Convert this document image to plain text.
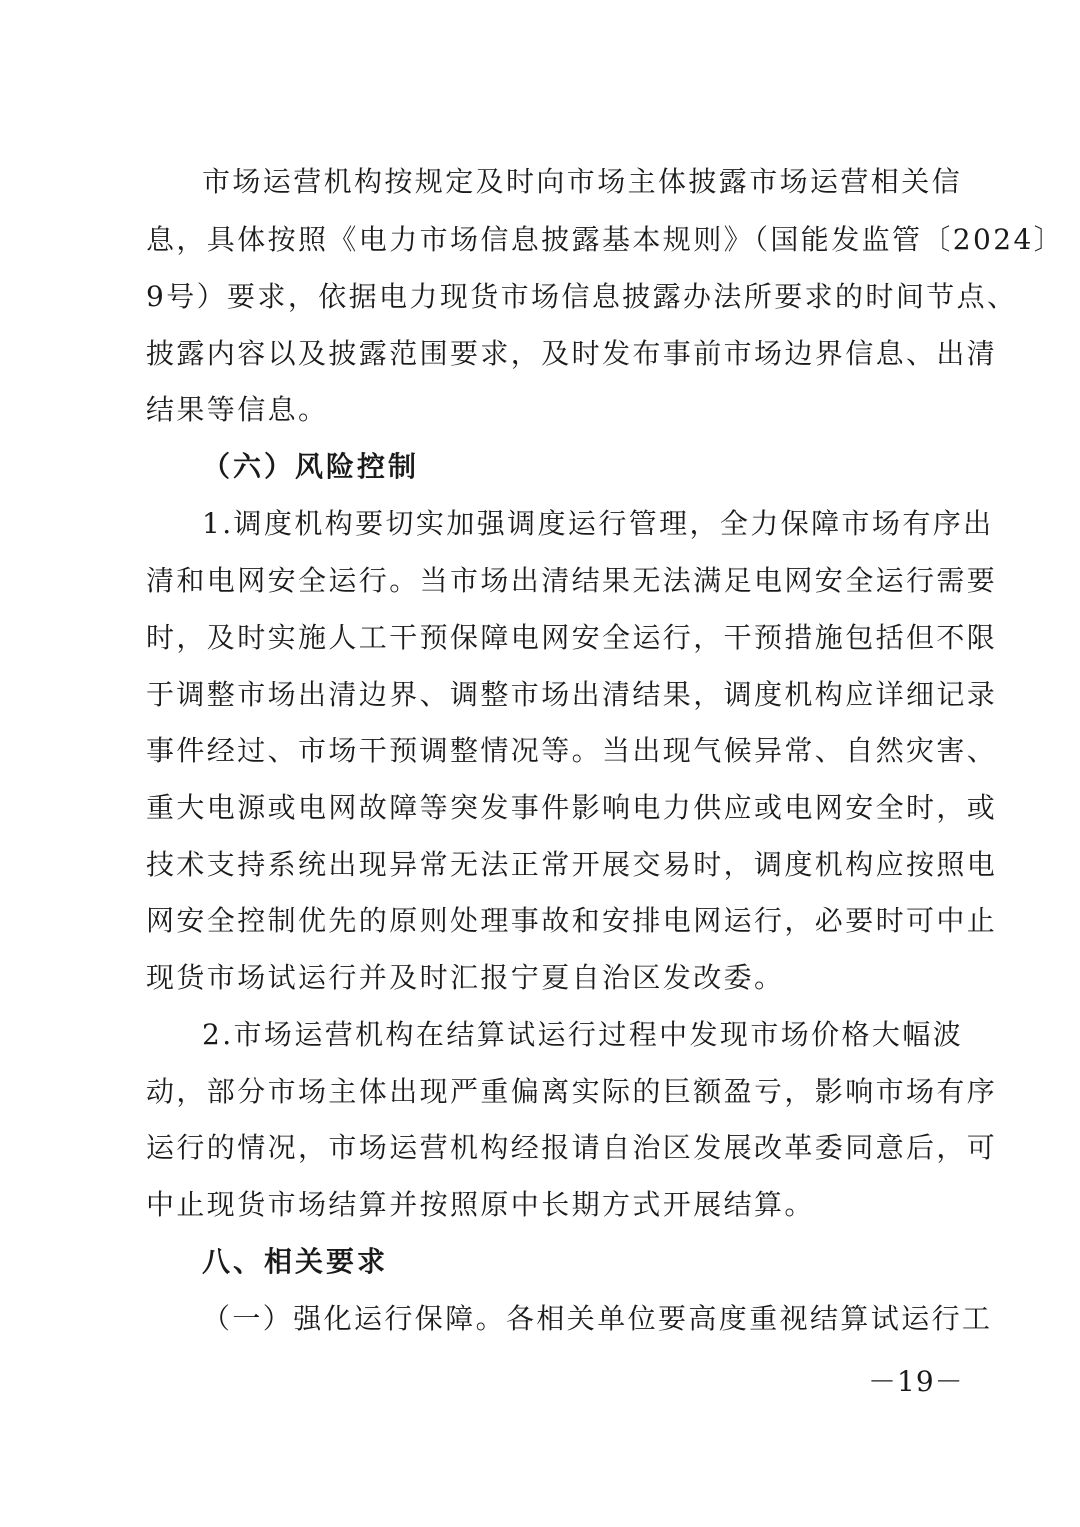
市场运营机构按规定及时向市场主体披露市场运营相关信
息，具体按照《电力市场信息披露基本规则》（国能发监管〔2024〕
9号）要求，依据电力现货市场信息披露办法所要求的时间节点、
披露内容以及披露范围要求，及时发布事前市场边界信息、出清
结果等信息。
（六）风险控制
1.调度机构要切实加强调度运行管理，全力保障市场有序出
清和电网安全运行。当市场出清结果无法满足电网安全运行需要
时，及时实施人工干预保障电网安全运行，干预措施包括但不限
于调整市场出清边界、调整市场出清结果，调度机构应详细记录
事件经过、市场干预调整情况等。当出现气候异常、自然灾害、
重大电源或电网故障等突发事件影响电力供应或电网安全时，或
技术支持系统出现异常无法正常开展交易时，调度机构应按照电
网安全控制优先的原则处理事故和安排电网运行，必要时可中止
现货市场试运行并及时汇报宁夏自治区发改委。
2.市场运营机构在结算试运行过程中发现市场价格大幅波
动，部分市场主体出现严重偏离实际的巨额盈亏，影响市场有序
运行的情况，市场运营机构经报请自治区发展改革委同意后，可
中止现货市场结算并按照原中长期方式开展结算。
八、相关要求
（一）强化运行保障。各相关单位要高度重视结算试运行工
－19－
